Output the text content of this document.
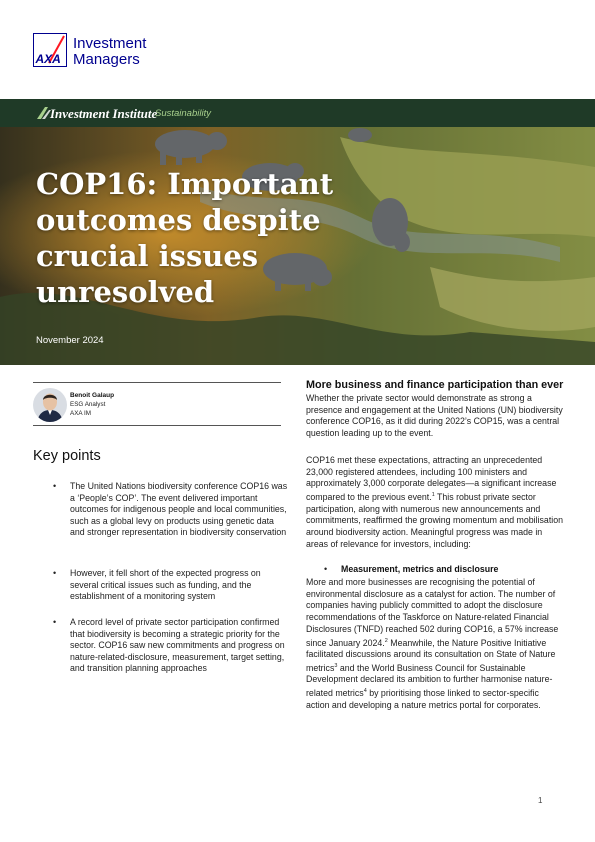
AXA
Investment
Managers
Investment Institute
Sustainability
COP16: Important outcomes despite crucial issues unresolved
November 2024
Benoit Galaup
ESG Analyst
AXA IM
Key points
• The United Nations biodiversity conference COP16 was a ‘People’s COP’. The event delivered important outcomes for indigenous people and local communities, such as a global levy on products using genetic data and stronger representation in biodiversity conservation
• However, it fell short of the expected progress on several critical issues such as funding, and the establishment of a monitoring system
• A record level of private sector participation confirmed that biodiversity is becoming a strategic priority for the sector. COP16 saw new commitments and progress on nature-related-disclosure, measurement, target setting, and transition planning approaches
More business and finance participation than ever
Whether the private sector would demonstrate as strong a presence and engagement at the United Nations (UN) biodiversity conference COP16, as it did during 2022’s COP15, was a central question leading up to the event.
COP16 met these expectations, attracting an unprecedented 23,000 registered attendees, including 100 ministers and approximately 3,000 corporate delegates—a significant increase compared to the previous event.$^1$ This robust private sector participation, along with numerous new announcements and commitments, reaffirmed the growing momentum and mobilisation around biodiversity action. Meaningful progress was made in areas of relevance for investors, including:
• Measurement, metrics and disclosure
More and more businesses are recognising the potential of environmental disclosure as a catalyst for action. The number of companies having publicly committed to adopt the disclosure recommendations of the Taskforce on Nature-related Financial Disclosures (TNFD) reached 502 during COP16, a 57% increase since January 2024.$^2$ Meanwhile, the Nature Positive Initiative facilitated discussions around its consultation on State of Nature metrics$^3$ and the World Business Council for Sustainable Development declared its ambition to further harmonise nature-related metrics$^4$ by prioritising those linked to sector-specific action and developing a nature metrics portal for corporates.
1
